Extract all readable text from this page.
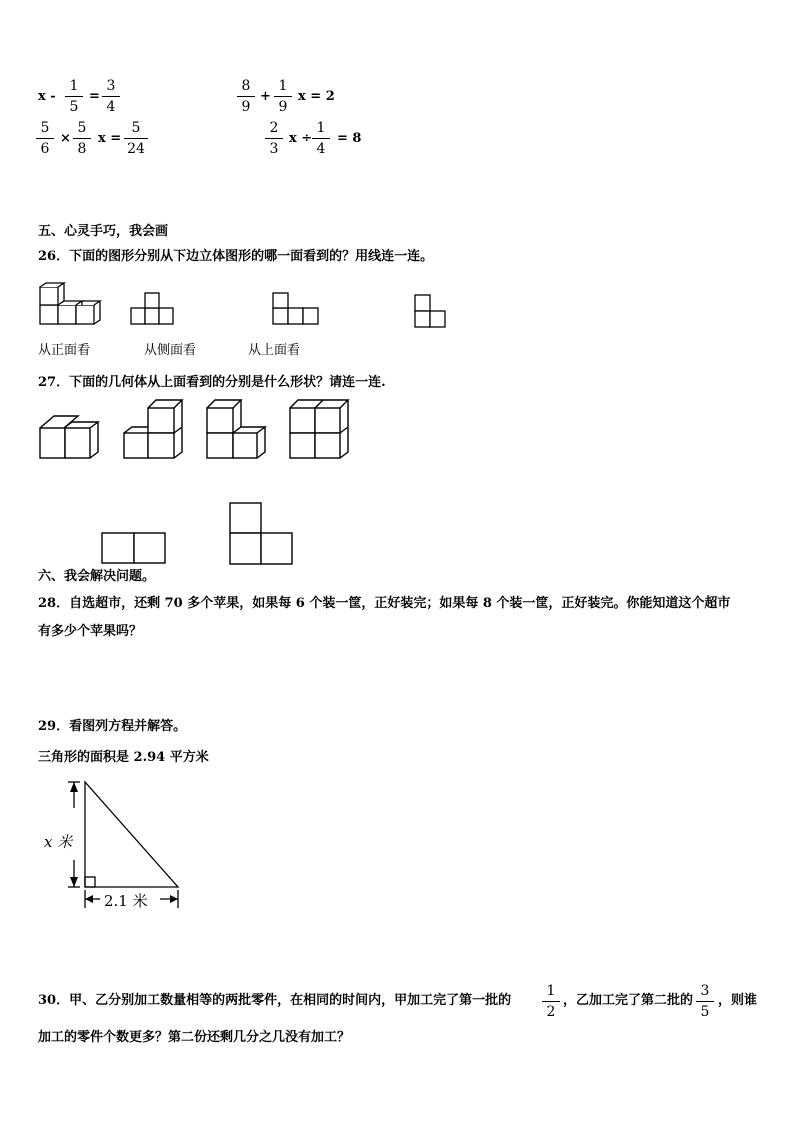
x -
1
5
=
3
4
8
9
+
1
9
x = 2
5
6
×
5
8
x =
5
24
2
3
x ÷
1
4
= 8
五、心灵手巧，我会画
26．下面的图形分别从下边立体图形的哪一面看到的？用线连一连。
从正面看	从侧面看	从上面看
27．下面的几何体从上面看到的分别是什么形状？请连一连.
六、我会解决问题。
28．自选超市，还剩 70 多个苹果，如果每 6 个装一筐，正好装完；如果每 8 个装一筐，正好装完。你能知道这个超市
有多少个苹果吗？
29．看图列方程并解答。
三角形的面积是 2.94 平方米
x 米
2.1 米
30．甲、乙分别加工数量相等的两批零件，在相同的时间内，甲加工完了第一批的
1
2
，乙加工完了第二批的
3
5
，则谁
加工的零件个数更多？第二份还剩几分之几没有加工？
